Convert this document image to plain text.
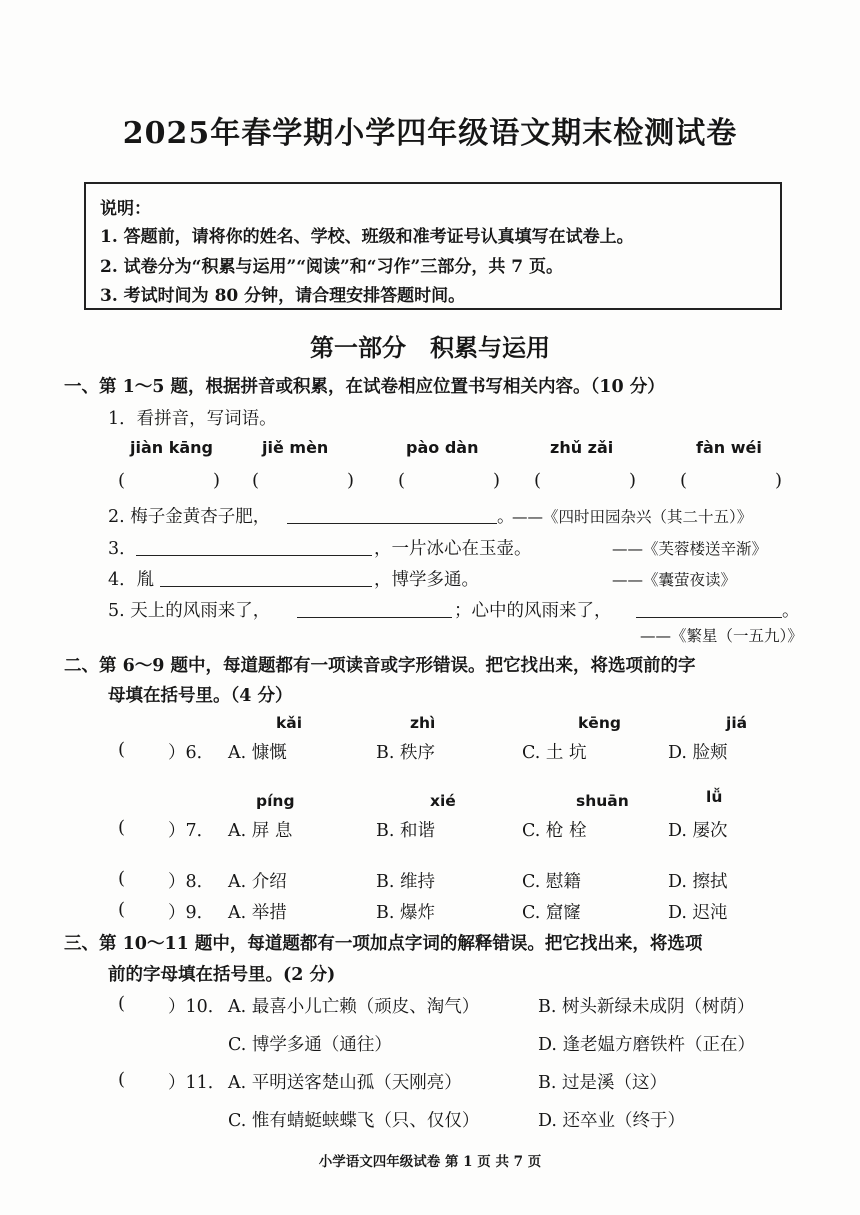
2025年春学期小学四年级语文期末检测试卷
说明：
1. 答题前，请将你的姓名、学校、班级和准考证号认真填写在试卷上。
2. 试卷分为“积累与运用”“阅读”和“习作”三部分，共 7 页。
3. 考试时间为 80 分钟，请合理安排答题时间。
第一部分　积累与运用
一、第 1～5 题，根据拼音或积累，在试卷相应位置书写相关内容。（10 分）
1．看拼音，写词语。
jiàn kāng	jiě mèn	pào dàn	zhǔ zǎi	fàn wéi
(	) (	) (	) (	) (	)
2. 梅子金黄杏子肥，	。
——《四时田园杂兴（其二十五）》
3．	，一片冰心在玉壶。	——《芙蓉楼送辛渐》
4．胤	，博学多通。	——《囊萤夜读》
5. 天上的风雨来了，	；心中的风雨来了，	。
——《繁星（一五九）》
二、第 6～9 题中，每道题都有一项读音或字形错误。把它找出来，将选项前的字
母填在括号里。（4 分）
kǎi	zhì	kēng	jiá
( ）6． A. 慷慨	B. 秩序	C. 土 坑	D. 脸颊
píng	xié	shuān	lǚ
( ）7． A. 屏 息	B. 和谐	C. 枪 栓	D. 屡次
( ）8． A. 介绍	B. 维持	C. 慰籍	D. 擦拭
( ）9． A. 举措	B. 爆炸	C. 窟窿	D. 迟沌
三、第 10～11 题中，每道题都有一项加点字词的解释错误。把它找出来，将选项
前的字母填在括号里。(2 分)
( ）10． A. 最喜小儿亡赖（顽皮、淘气）	B. 树头新绿未成阴（树荫）
C. 博学多通（通往）	D. 逢老媪方磨铁杵（正在）
( ）11． A. 平明送客楚山孤（天刚亮）	B. 过是溪（这）
C. 惟有蜻蜓蛱蝶飞（只、仅仅）	D. 还卒业（终于）
小学语文四年级试卷 第 1 页 共 7 页
